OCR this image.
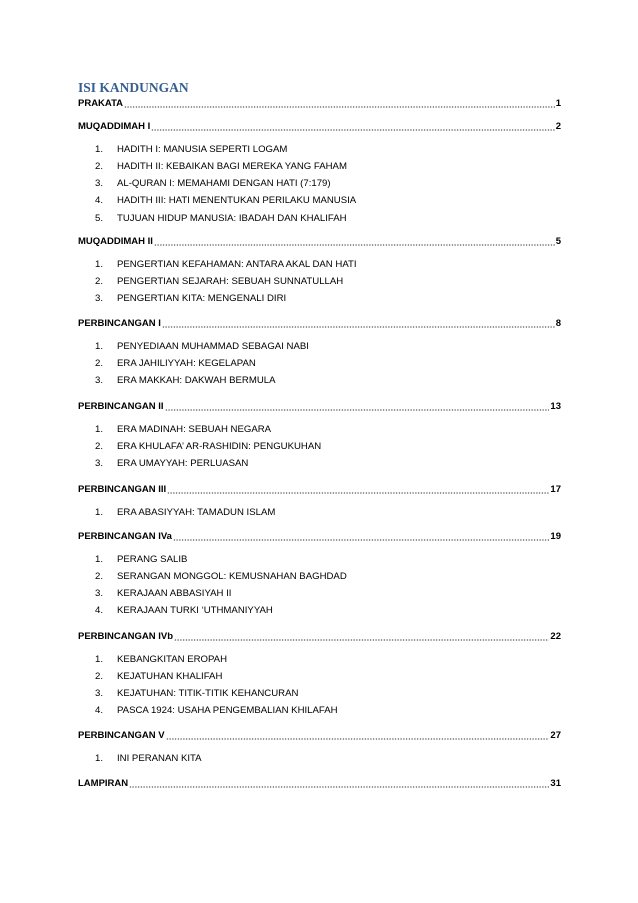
ISI KANDUNGAN
PRAKATA	1
MUQADDIMAH I	2
1.	HADITH I: MANUSIA SEPERTI LOGAM
2.	HADITH II: KEBAIKAN BAGI MEREKA YANG FAHAM
3.	AL-QURAN I: MEMAHAMI DENGAN HATI (7:179)
4.	HADITH III: HATI MENENTUKAN PERILAKU MANUSIA
5.	TUJUAN HIDUP MANUSIA: IBADAH DAN KHALIFAH
MUQADDIMAH II	5
1.	PENGERTIAN KEFAHAMAN: ANTARA AKAL DAN HATI
2.	PENGERTIAN SEJARAH: SEBUAH SUNNATULLAH
3.	PENGERTIAN KITA: MENGENALI DIRI
PERBINCANGAN I	8
1.	PENYEDIAAN MUHAMMAD SEBAGAI NABI
2.	ERA JAHILIYYAH: KEGELAPAN
3.	ERA MAKKAH: DAKWAH BERMULA
PERBINCANGAN II	13
1.	ERA MADINAH: SEBUAH NEGARA
2.	ERA KHULAFA’ AR-RASHIDIN: PENGUKUHAN
3.	ERA UMAYYAH: PERLUASAN
PERBINCANGAN III	17
1.	ERA ABASIYYAH: TAMADUN ISLAM
PERBINCANGAN IVa	19
1.	PERANG SALIB
2.	SERANGAN MONGGOL: KEMUSNAHAN BAGHDAD
3.	KERAJAAN ABBASIYAH II
4.	KERAJAAN TURKI ‘UTHMANIYYAH
PERBINCANGAN IVb	22
1.	KEBANGKITAN EROPAH
2.	KEJATUHAN KHALIFAH
3.	KEJATUHAN: TITIK-TITIK KEHANCURAN
4.	PASCA 1924: USAHA PENGEMBALIAN KHILAFAH
PERBINCANGAN V	27
1.	INI PERANAN KITA
LAMPIRAN	31
